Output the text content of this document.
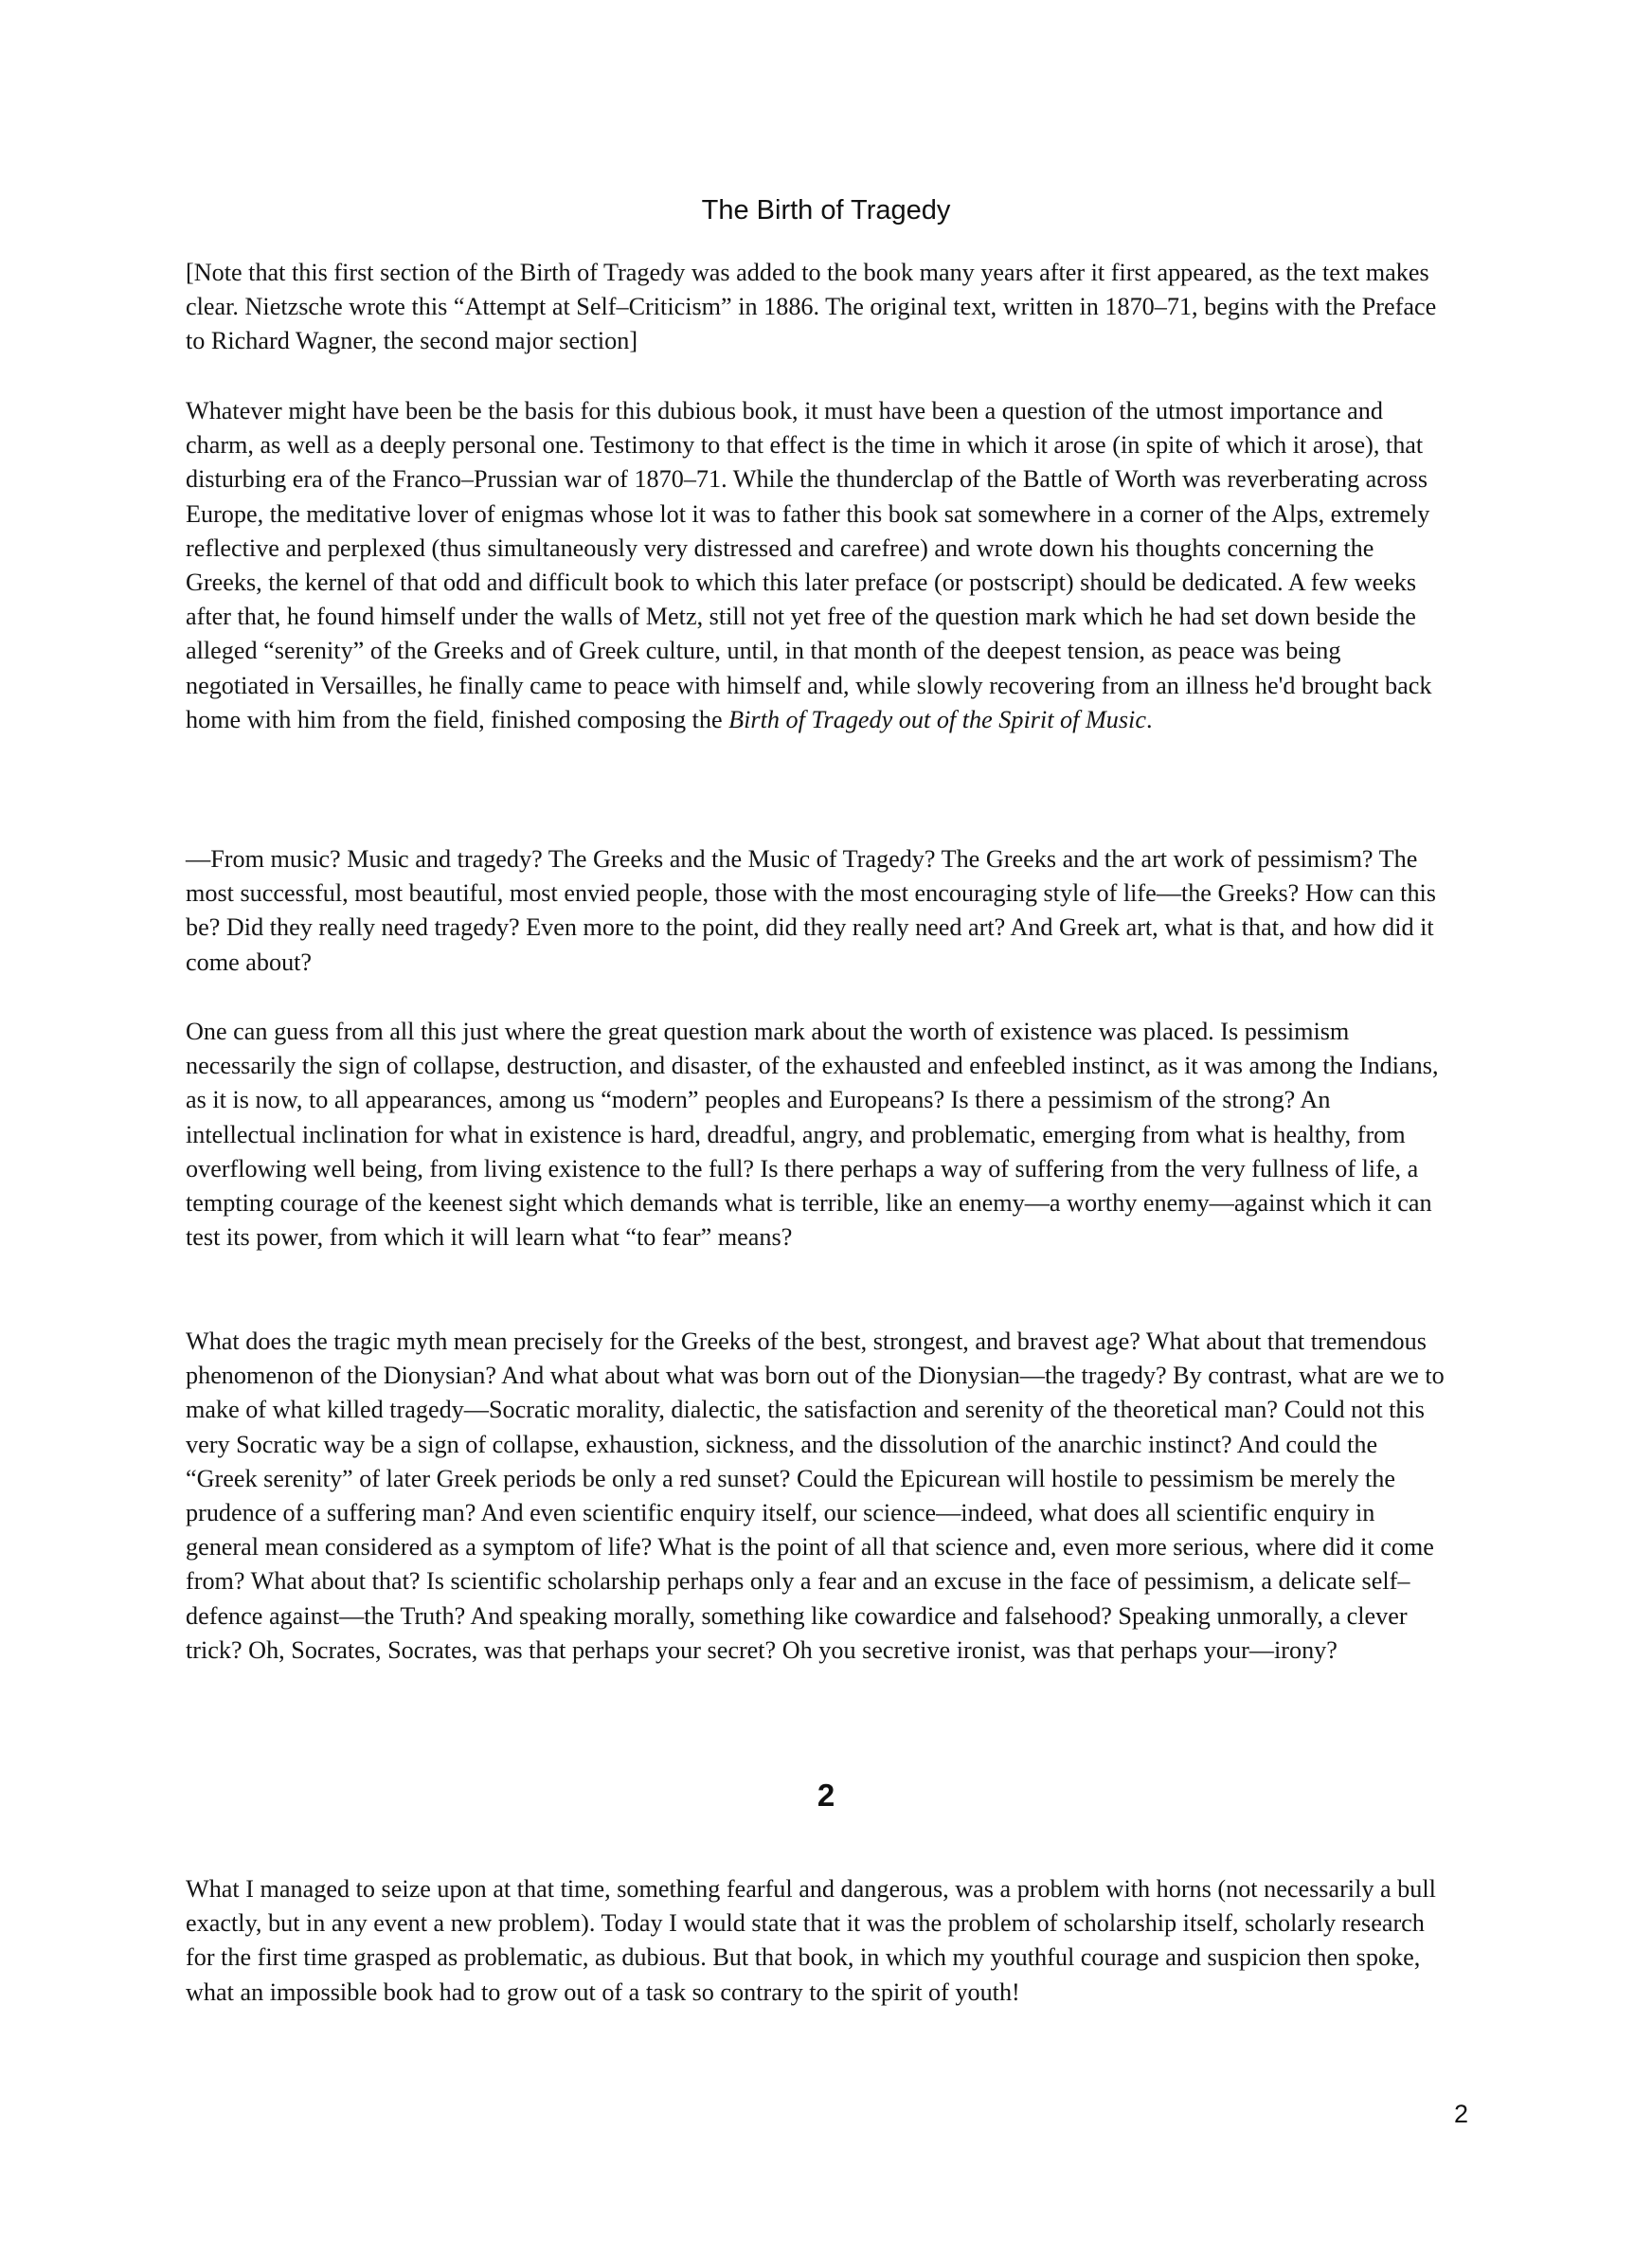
The Birth of Tragedy

[Note that this first section of the Birth of Tragedy was added to the book many years after it first appeared, as the text makes clear. Nietzsche wrote this “Attempt at Self–Criticism” in 1886. The original text, written in 1870–71, begins with the Preface to Richard Wagner, the second major section]

Whatever might have been be the basis for this dubious book, it must have been a question of the utmost importance and charm, as well as a deeply personal one. Testimony to that effect is the time in which it arose (in spite of which it arose), that disturbing era of the Franco–Prussian war of 1870–71. While the thunderclap of the Battle of Worth was reverberating across Europe, the meditative lover of enigmas whose lot it was to father this book sat somewhere in a corner of the Alps, extremely reflective and perplexed (thus simultaneously very distressed and carefree) and wrote down his thoughts concerning the Greeks, the kernel of that odd and difficult book to which this later preface (or postscript) should be dedicated. A few weeks after that, he found himself under the walls of Metz, still not yet free of the question mark which he had set down beside the alleged “serenity” of the Greeks and of Greek culture, until, in that month of the deepest tension, as peace was being negotiated in Versailles, he finally came to peace with himself and, while slowly recovering from an illness he'd brought back home with him from the field, finished composing the Birth of Tragedy out of the Spirit of Music.

—From music? Music and tragedy? The Greeks and the Music of Tragedy? The Greeks and the art work of pessimism? The most successful, most beautiful, most envied people, those with the most encouraging style of life—the Greeks? How can this be? Did they really need tragedy? Even more to the point, did they really need art? And Greek art, what is that, and how did it come about?

One can guess from all this just where the great question mark about the worth of existence was placed. Is pessimism necessarily the sign of collapse, destruction, and disaster, of the exhausted and enfeebled instinct, as it was among the Indians, as it is now, to all appearances, among us “modern” peoples and Europeans? Is there a pessimism of the strong? An intellectual inclination for what in existence is hard, dreadful, angry, and problematic, emerging from what is healthy, from overflowing well being, from living existence to the full? Is there perhaps a way of suffering from the very fullness of life, a tempting courage of the keenest sight which demands what is terrible, like an enemy—a worthy enemy—against which it can test its power, from which it will learn what “to fear” means?

What does the tragic myth mean precisely for the Greeks of the best, strongest, and bravest age? What about that tremendous phenomenon of the Dionysian? And what about what was born out of the Dionysian—the tragedy? By contrast, what are we to make of what killed tragedy—Socratic morality, dialectic, the satisfaction and serenity of the theoretical man? Could not this very Socratic way be a sign of collapse, exhaustion, sickness, and the dissolution of the anarchic instinct? And could the “Greek serenity” of later Greek periods be only a red sunset? Could the Epicurean will hostile to pessimism be merely the prudence of a suffering man? And even scientific enquiry itself, our science—indeed, what does all scientific enquiry in general mean considered as a symptom of life? What is the point of all that science and, even more serious, where did it come from? What about that? Is scientific scholarship perhaps only a fear and an excuse in the face of pessimism, a delicate self–defence against—the Truth? And speaking morally, something like cowardice and falsehood? Speaking unmorally, a clever trick? Oh, Socrates, Socrates, was that perhaps your secret? Oh you secretive ironist, was that perhaps your—irony?

2

What I managed to seize upon at that time, something fearful and dangerous, was a problem with horns (not necessarily a bull exactly, but in any event a new problem). Today I would state that it was the problem of scholarship itself, scholarly research for the first time grasped as problematic, as dubious. But that book, in which my youthful courage and suspicion then spoke, what an impossible book had to grow out of a task so contrary to the spirit of youth!

2
